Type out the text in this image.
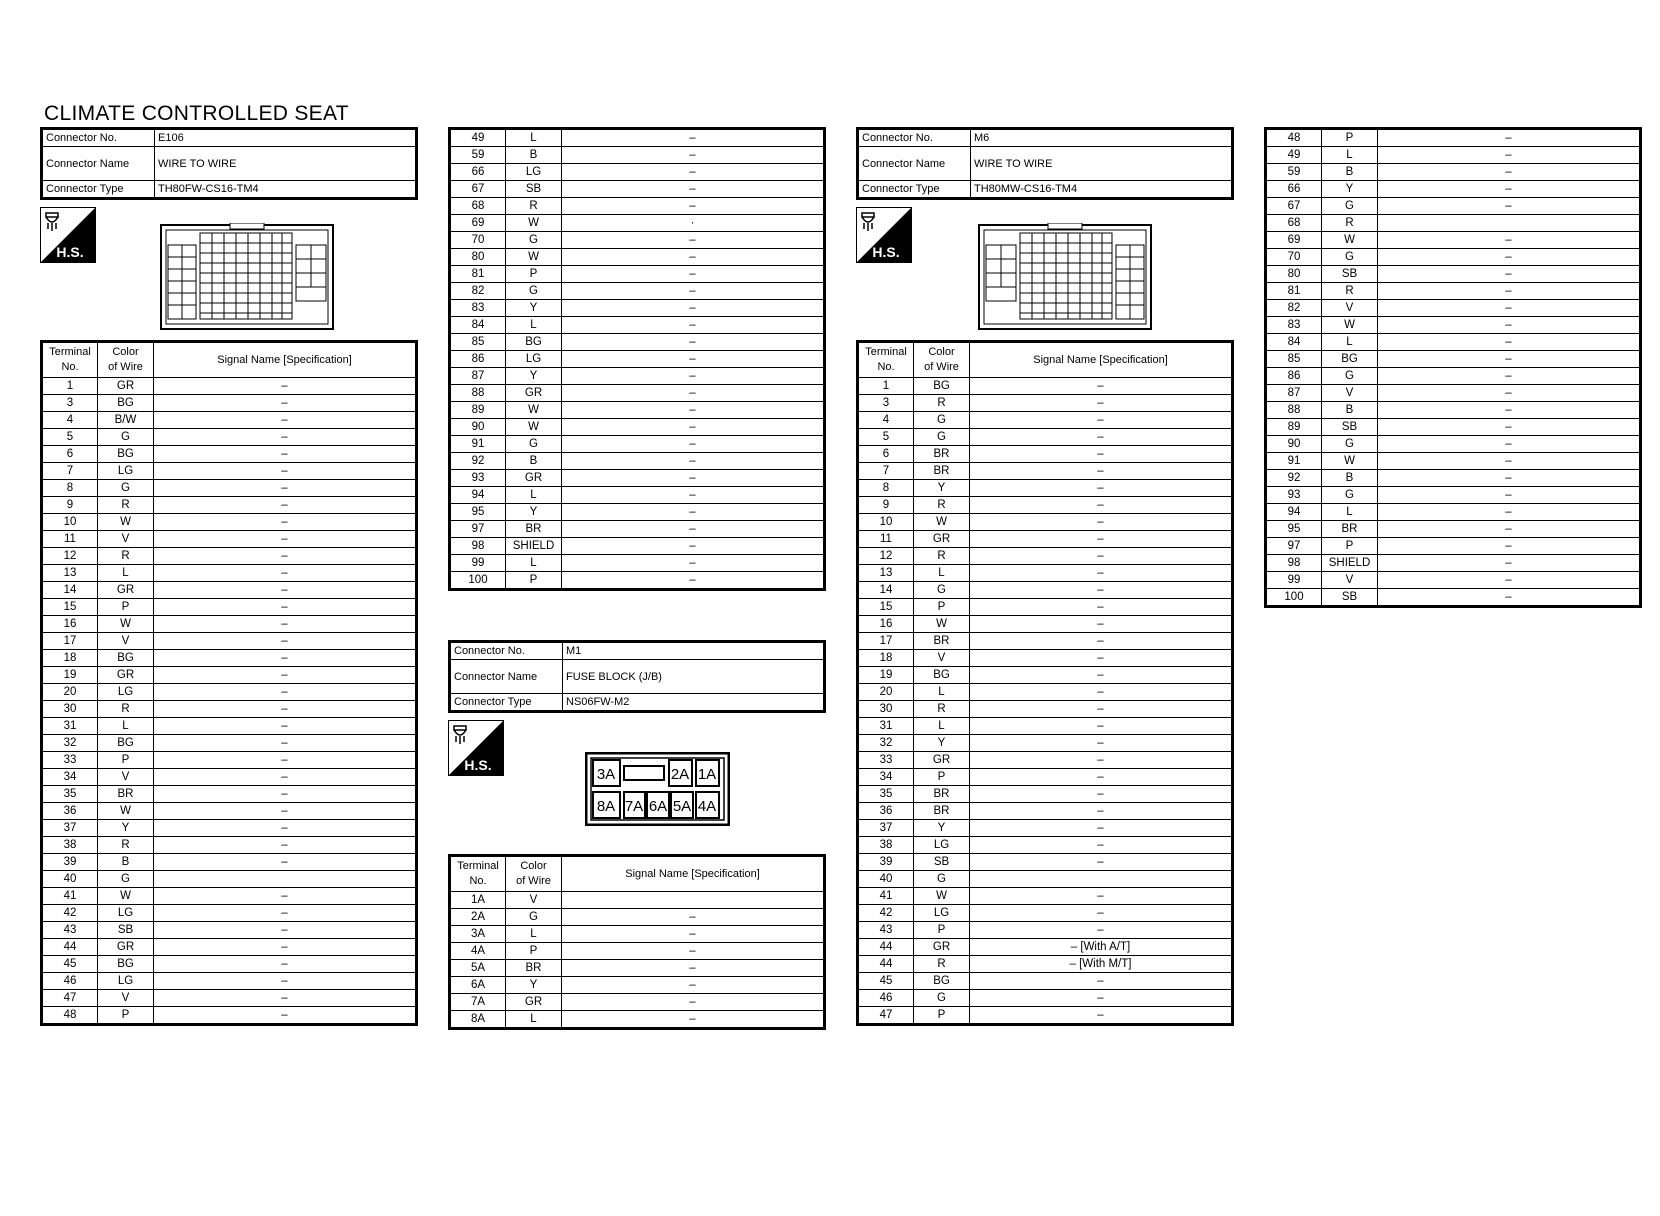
CLIMATE CONTROLLED SEAT
Connector No.	E106
Connector Name	WIRE TO WIRE
Connector Type	TH80FW-CS16-TM4
H.S.
Terminal
No.	Color
of Wire	Signal Name [Specification]
1	GR	–
3	BG	–
4	B/W	–
5	G	–
6	BG	–
7	LG	–
8	G	–
9	R	–
10	W	–
11	V	–
12	R	–
13	L	–
14	GR	–
15	P	–
16	W	–
17	V	–
18	BG	–
19	GR	–
20	LG	–
30	R	–
31	L	–
32	BG	–
33	P	–
34	V	–
35	BR	–
36	W	–
37	Y	–
38	R	–
39	B	–
40	G	
41	W	–
42	LG	–
43	SB	–
44	GR	–
45	BG	–
46	LG	–
47	V	–
48	P	–
49	L	–
59	B	–
66	LG	–
67	SB	–
68	R	–
69	W	·
70	G	–
80	W	–
81	P	–
82	G	–
83	Y	–
84	L	–
85	BG	–
86	LG	–
87	Y	–
88	GR	–
89	W	–
90	W	–
91	G	–
92	B	–
93	GR	–
94	L	–
95	Y	–
97	BR	–
98	SHIELD	–
99	L	–
100	P	–
Connector No.	M1
Connector Name	FUSE BLOCK (J/B)
Connector Type	NS06FW-M2
H.S.
3A	2A 1A
8A 7A 6A 5A 4A
Terminal
No.	Color
of Wire	Signal Name [Specification]
1A	V	
2A	G	–
3A	L	–
4A	P	–
5A	BR	–
6A	Y	–
7A	GR	–
8A	L	–
Connector No.	M6
Connector Name	WIRE TO WIRE
Connector Type	TH80MW-CS16-TM4
H.S.
Terminal
No.	Color
of Wire	Signal Name [Specification]
1	BG	–
3	R	–
4	G	–
5	G	–
6	BR	–
7	BR	–
8	Y	–
9	R	–
10	W	–
11	GR	–
12	R	–
13	L	–
14	G	–
15	P	–
16	W	–
17	BR	–
18	V	–
19	BG	–
20	L	–
30	R	–
31	L	–
32	Y	–
33	GR	–
34	P	–
35	BR	–
36	BR	–
37	Y	–
38	LG	–
39	SB	–
40	G	
41	W	–
42	LG	–
43	P	–
44	GR	– [With A/T]
44	R	– [With M/T]
45	BG	–
46	G	–
47	P	–
48	P	–
49	L	–
59	B	–
66	Y	–
67	G	–
68	R	
69	W	–
70	G	–
80	SB	–
81	R	–
82	V	–
83	W	–
84	L	–
85	BG	–
86	G	–
87	V	–
88	B	–
89	SB	–
90	G	–
91	W	–
92	B	–
93	G	–
94	L	–
95	BR	–
97	P	–
98	SHIELD	–
99	V	–
100	SB	–
